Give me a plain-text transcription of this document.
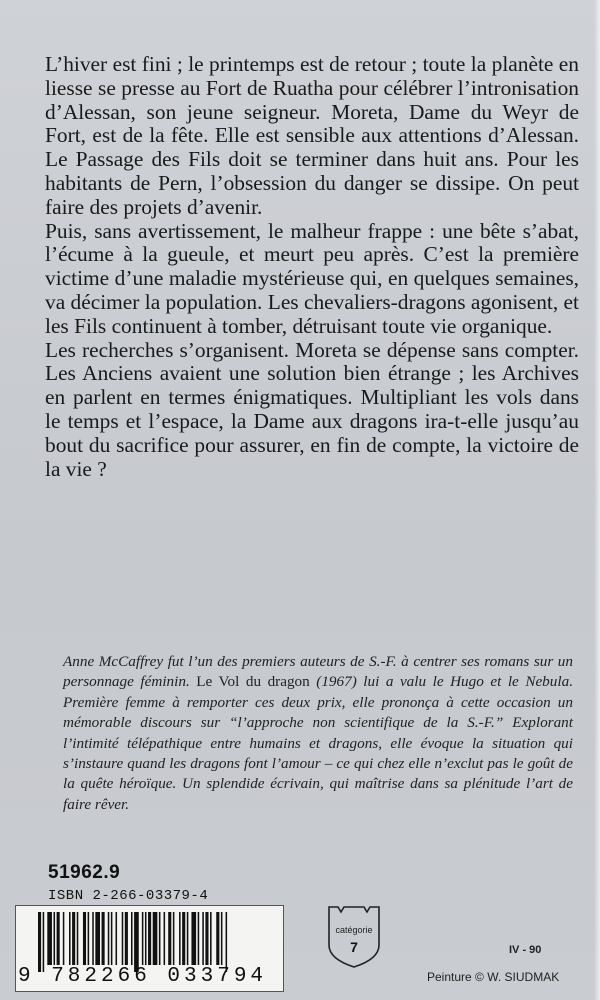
L’hiver est fini ; le printemps est de retour ; toute la planète en liesse se presse au Fort de Ruatha pour célébrer l’intronisation d’Alessan, son jeune seigneur. Moreta, Dame du Weyr de Fort, est de la fête. Elle est sensible aux attentions d’Alessan. Le Passage des Fils doit se terminer dans huit ans. Pour les habitants de Pern, l’obsession du danger se dissipe. On peut faire des projets d’avenir.

Puis, sans avertissement, le malheur frappe : une bête s’abat, l’écume à la gueule, et meurt peu après. C’est la première victime d’une maladie mystérieuse qui, en quelques semaines, va décimer la population. Les chevaliers-dragons agonisent, et les Fils continuent à tomber, détruisant toute vie organique.

Les recherches s’organisent. Moreta se dépense sans compter. Les Anciens avaient une solution bien étrange ; les Archives en parlent en termes énigmatiques. Multipliant les vols dans le temps et l’espace, la Dame aux dragons ira-t-elle jusqu’au bout du sacrifice pour assurer, en fin de compte, la victoire de la vie ?

Anne McCaffrey fut l’un des premiers auteurs de S.-F. à centrer ses romans sur un personnage féminin. Le Vol du dragon (1967) lui a valu le Hugo et le Nebula. Première femme à remporter ces deux prix, elle prononça à cette occasion un mémorable discours sur “l’approche non scientifique de la S.-F.” Explorant l’intimité télépathique entre humains et dragons, elle évoque la situation qui s’instaure quand les dragons font l’amour – ce qui chez elle n’exclut pas le goût de la quête héroïque. Un splendide écrivain, qui maîtrise dans sa plénitude l’art de faire rêver.
51962.9
ISBN 2-266-03379-4
9 782266 033794
catégorie
7	IV - 90
Peinture © W. SIUDMAK
